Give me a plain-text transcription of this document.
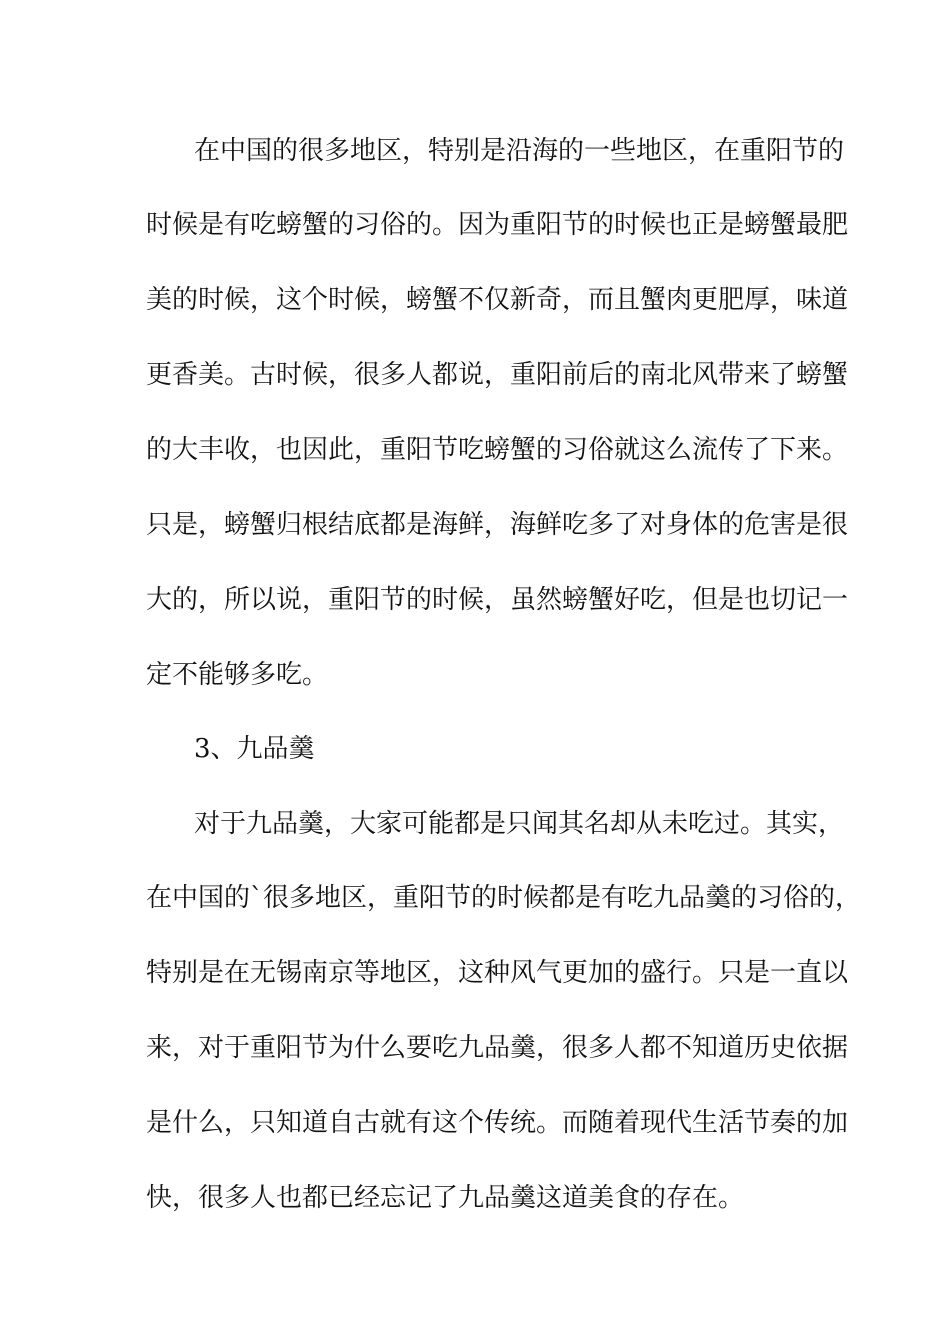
在中国的很多地区，特别是沿海的一些地区，在重阳节的
时候是有吃螃蟹的习俗的。因为重阳节的时候也正是螃蟹最肥
美的时候，这个时候，螃蟹不仅新奇，而且蟹肉更肥厚，味道
更香美。古时候，很多人都说，重阳前后的南北风带来了螃蟹
的大丰收，也因此，重阳节吃螃蟹的习俗就这么流传了下来。
只是，螃蟹归根结底都是海鲜，海鲜吃多了对身体的危害是很
大的，所以说，重阳节的时候，虽然螃蟹好吃，但是也切记一
定不能够多吃。
3、九品羹
对于九品羹，大家可能都是只闻其名却从未吃过。其实，
在中国的`很多地区，重阳节的时候都是有吃九品羹的习俗的，
特别是在无锡南京等地区，这种风气更加的盛行。只是一直以
来，对于重阳节为什么要吃九品羹，很多人都不知道历史依据
是什么，只知道自古就有这个传统。而随着现代生活节奏的加
快，很多人也都已经忘记了九品羹这道美食的存在。
